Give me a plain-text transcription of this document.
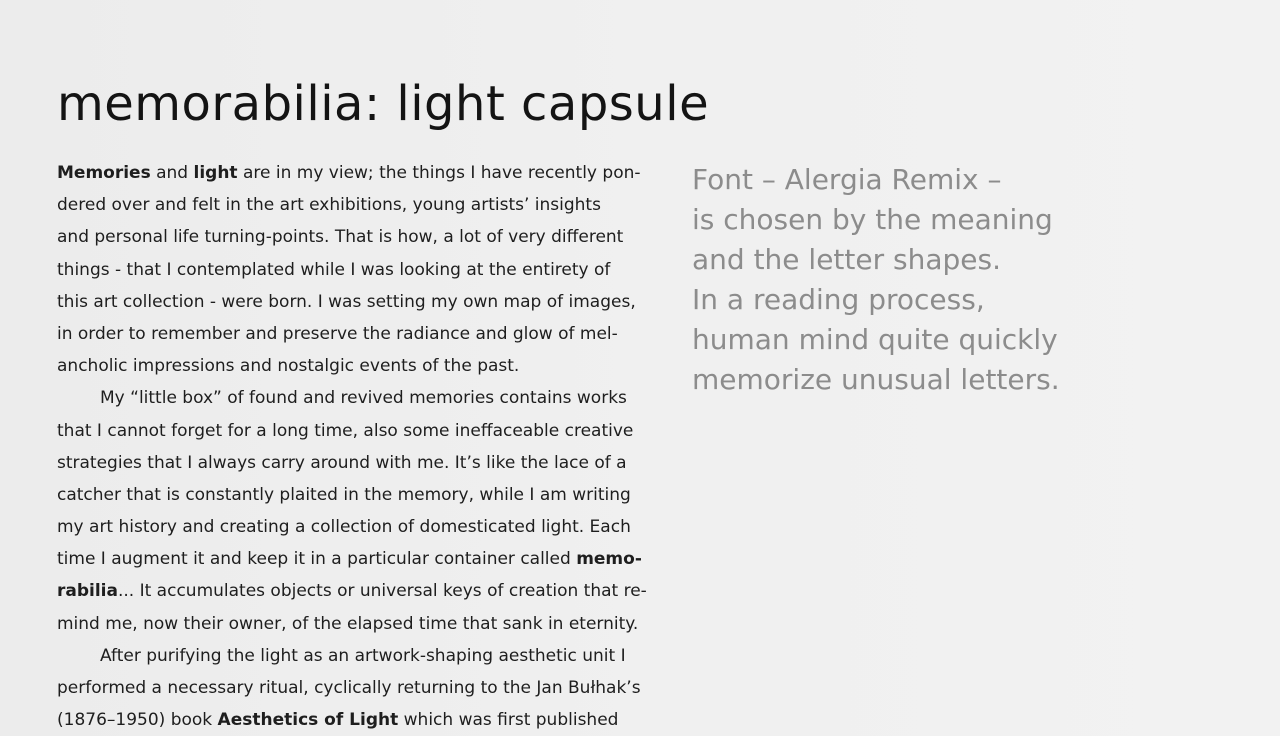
memorabilia: light capsule
Memories and light are in my view; the things I have recently pon-
dered over and felt in the art exhibitions, young artists’ insights
and personal life turning-points. That is how, a lot of very different
things - that I contemplated while I was looking at the entirety of
this art collection - were born. I was setting my own map of images,
in order to remember and preserve the radiance and glow of mel-
ancholic impressions and nostalgic events of the past.
My “little box” of found and revived memories contains works
that I cannot forget for a long time, also some ineffaceable creative
strategies that I always carry around with me. It’s like the lace of a
catcher that is constantly plaited in the memory, while I am writing
my art history and creating a collection of domesticated light. Each
time I augment it and keep it in a particular container called memo-
rabilia... It accumulates objects or universal keys of creation that re-
mind me, now their owner, of the elapsed time that sank in eternity.
After purifying the light as an artwork-shaping aesthetic unit I
performed a necessary ritual, cyclically returning to the Jan Bułhak’s
(1876–1950) book Aesthetics of Light which was first published
Font – Alergia Remix –
is chosen by the meaning
and the letter shapes.
In a reading process,
human mind quite quickly
memorize unusual letters.
